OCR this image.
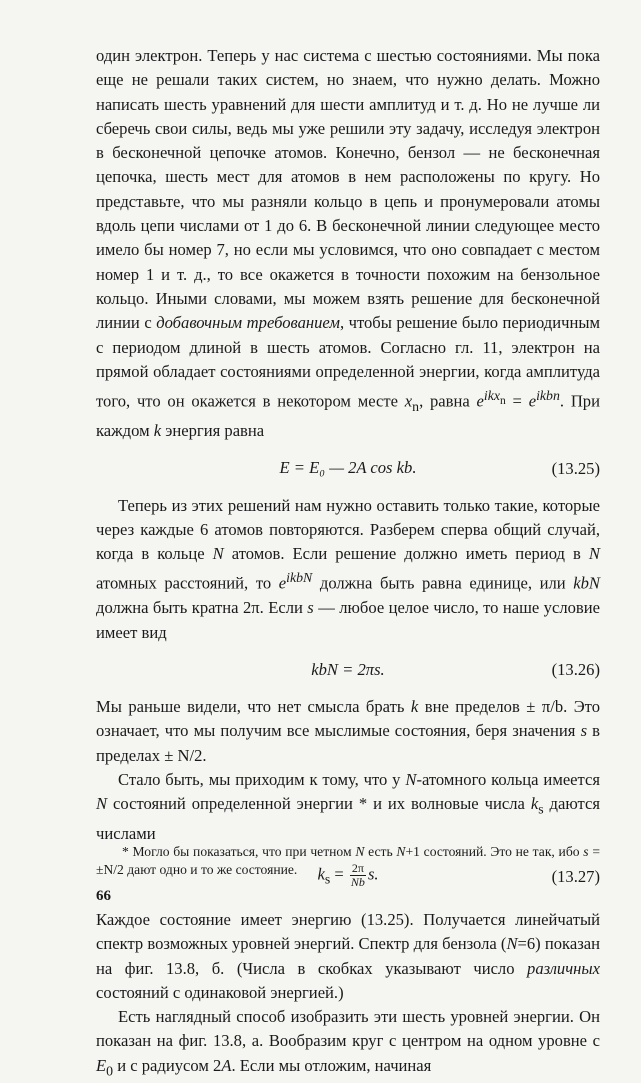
один электрон. Теперь у нас система с шестью состояниями. Мы пока еще не решали таких систем, но знаем, что нужно делать. Можно написать шесть уравнений для шести амплитуд и т. д. Но не лучше ли сберечь свои силы, ведь мы уже решили эту задачу, исследуя электрон в бесконечной цепочке атомов. Конечно, бензол — не бесконечная цепочка, шесть мест для атомов в нем расположены по кругу. Но представьте, что мы разняли кольцо в цепь и пронумеровали атомы вдоль цепи числами от 1 до 6. В бесконечной линии следующее место имело бы номер 7, но если мы условимся, что оно совпадает с местом номер 1 и т. д., то все окажется в точности похожим на бензольное кольцо. Иными словами, мы можем взять решение для бесконечной линии с добавочным требованием, чтобы решение было периодичным с периодом длиной в шесть атомов. Согласно гл. 11, электрон на прямой обладает состояниями определенной энергии, когда амплитуда того, что он окажется в некотором месте $x_n$, равна $e^{ikx_n} = e^{ikbn}$. При каждом k энергия равна

E = E₀ — 2A cos kb.	(13.25)

Теперь из этих решений нам нужно оставить только такие, которые через каждые 6 атомов повторяются. Разберем сперва общий случай, когда в кольце N атомов. Если решение должно иметь период в N атомных расстояний, то $e^{ikbN}$ должна быть равна единице, или kbN должна быть кратна 2π. Если s — любое целое число, то наше условие имеет вид

kbN = 2πs.	(13.26)

Мы раньше видели, что нет смысла брать k вне пределов ± π/b. Это означает, что мы получим все мыслимые состояния, беря значения s в пределах ± N/2.

Стало быть, мы приходим к тому, что у N-атомного кольца имеется N состояний определенной энергии * и их волновые числа $k_s$ даются числами

$k_s = \frac{2\pi}{Nb} s$.	(13.27)

Каждое состояние имеет энергию (13.25). Получается линейчатый спектр возможных уровней энергий. Спектр для бензола (N=6) показан на фиг. 13.8, б. (Числа в скобках указывают число различных состояний с одинаковой энергией.)

Есть наглядный способ изобразить эти шесть уровней энергии. Он показан на фиг. 13.8, а. Вообразим круг с центром на одном уровне с $E_0$ и с радиусом 2A. Если мы отложим, начиная

* Могло бы показаться, что при четном N есть N+1 состояний. Это не так, ибо s = ±N/2 дают одно и то же состояние.

66
